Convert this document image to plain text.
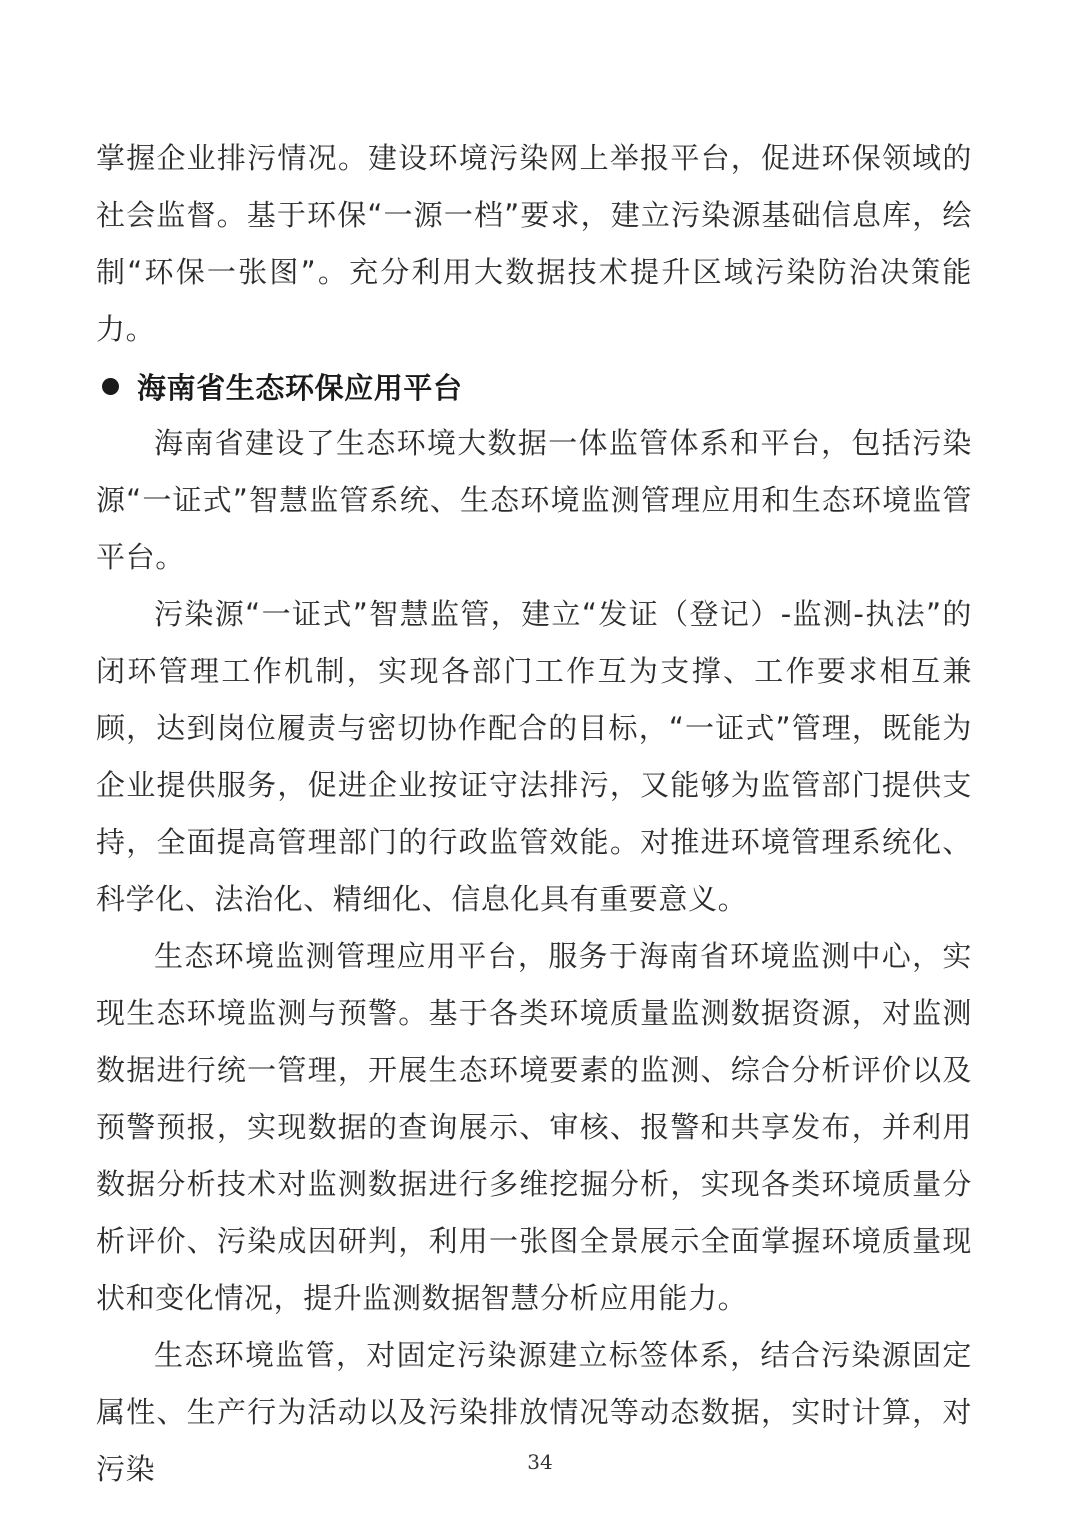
掌握企业排污情况。建设环境污染网上举报平台，促进环保领域的社会监督。基于环保“一源一档”要求，建立污染源基础信息库，绘制“环保一张图”。充分利用大数据技术提升区域污染防治决策能力。

海南省生态环保应用平台

海南省建设了生态环境大数据一体监管体系和平台，包括污染源“一证式”智慧监管系统、生态环境监测管理应用和生态环境监管平台。

污染源“一证式”智慧监管，建立“发证（登记）-监测-执法”的闭环管理工作机制，实现各部门工作互为支撑、工作要求相互兼顾，达到岗位履责与密切协作配合的目标，“一证式”管理，既能为企业提供服务，促进企业按证守法排污，又能够为监管部门提供支持，全面提高管理部门的行政监管效能。对推进环境管理系统化、科学化、法治化、精细化、信息化具有重要意义。

生态环境监测管理应用平台，服务于海南省环境监测中心，实现生态环境监测与预警。基于各类环境质量监测数据资源，对监测数据进行统一管理，开展生态环境要素的监测、综合分析评价以及预警预报，实现数据的查询展示、审核、报警和共享发布，并利用数据分析技术对监测数据进行多维挖掘分析，实现各类环境质量分析评价、污染成因研判，利用一张图全景展示全面掌握环境质量现状和变化情况，提升监测数据智慧分析应用能力。

生态环境监管，对固定污染源建立标签体系，结合污染源固定属性、生产行为活动以及污染排放情况等动态数据，实时计算，对污染	34
